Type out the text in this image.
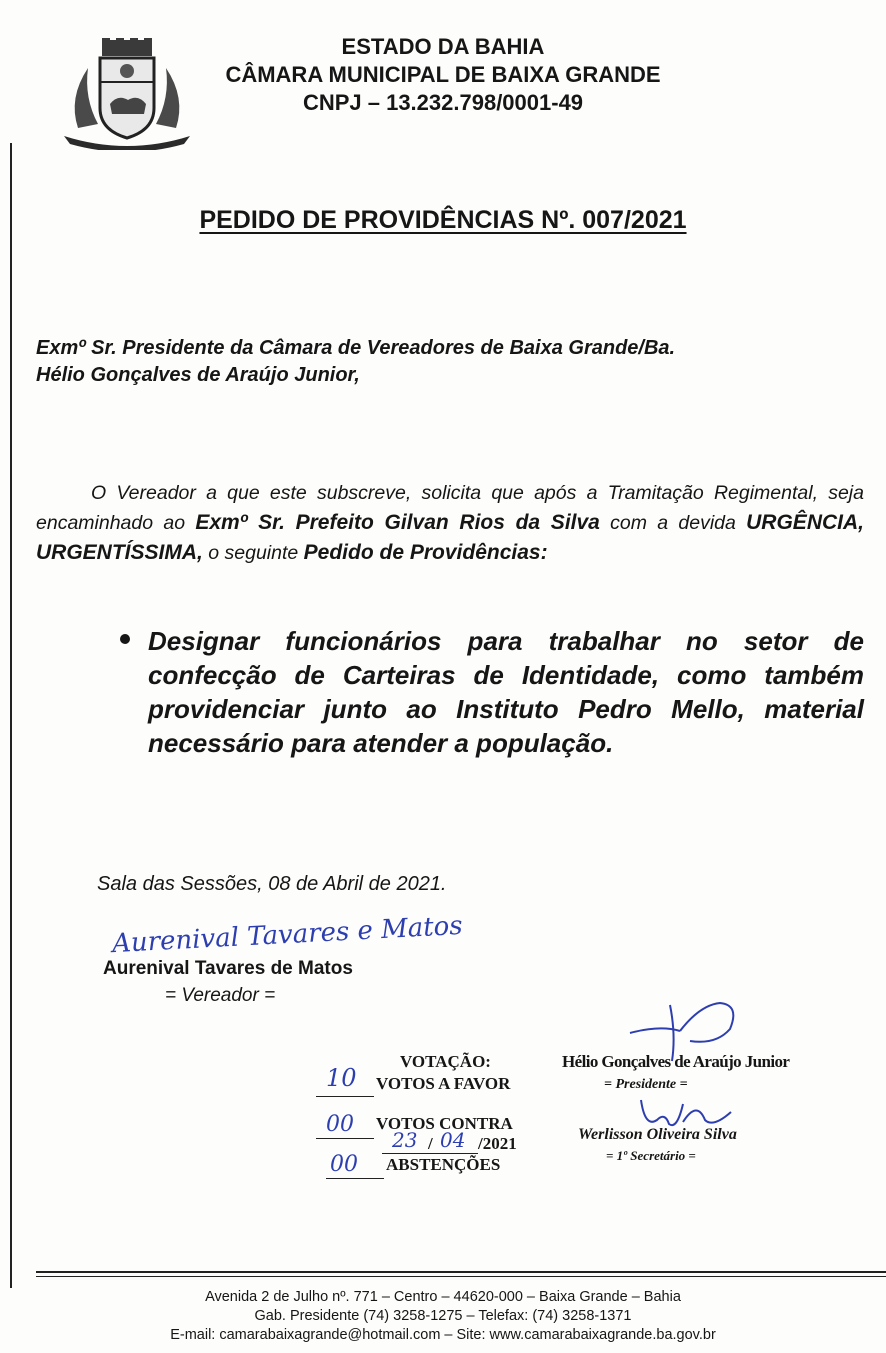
ESTADO DA BAHIA
CÂMARA MUNICIPAL DE BAIXA GRANDE
CNPJ – 13.232.798/0001-49
PEDIDO DE PROVIDÊNCIAS Nº. 007/2021
Exmº Sr. Presidente da Câmara de Vereadores de Baixa Grande/Ba.
Hélio Gonçalves de Araújo Junior,
O Vereador a que este subscreve, solicita que após a Tramitação Regimental, seja encaminhado ao Exmº Sr. Prefeito Gilvan Rios da Silva com a devida URGÊNCIA, URGENTÍSSIMA, o seguinte Pedido de Providências:
Designar funcionários para trabalhar no setor de confecção de Carteiras de Identidade, como também providenciar junto ao Instituto Pedro Mello, material necessário para atender a população.
Sala das Sessões, 08 de Abril de 2021.
Aurenival Tavares e Matos
Aurenival Tavares de Matos
= Vereador =
VOTAÇÃO:
10 VOTOS A FAVOR
00 VOTOS CONTRA
23 / 04 /2021
00 ABSTENÇÕES
Hélio Gonçalves de Araújo Junior
= Presidente =
Werlisson Oliveira Silva
= 1º Secretário =
Avenida 2 de Julho nº. 771 – Centro – 44620-000 – Baixa Grande – Bahia
Gab. Presidente (74) 3258-1275 – Telefax: (74) 3258-1371
E-mail: camarabaixagrande@hotmail.com – Site: www.camarabaixagrande.ba.gov.br
